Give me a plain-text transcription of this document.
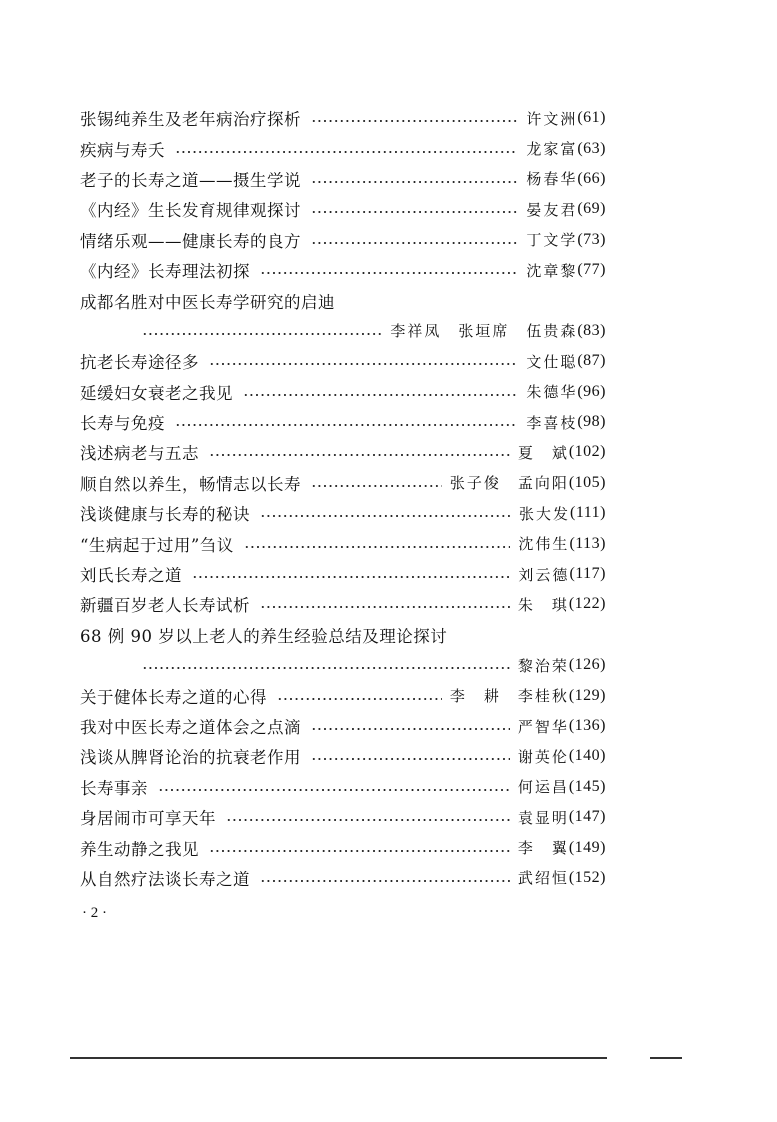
张锡纯养生及老年病治疗探析	许文洲 (61)
疾病与寿夭	龙家富 (63)
老子的长寿之道——摄生学说	杨春华 (66)
《内经》生长发育规律观探讨	晏友君 (69)
情绪乐观——健康长寿的良方	丁文学 (73)
《内经》长寿理法初探	沈章黎 (77)
成都名胜对中医长寿学研究的启迪
李祥凤　张垣席　伍贵森 (83)
抗老长寿途径多	文仕聪 (87)
延缓妇女衰老之我见	朱德华 (96)
长寿与免疫	李喜枝 (98)
浅述病老与五志	夏　斌 (102)
顺自然以养生，畅情志以长寿	张子俊　孟向阳 (105)
浅谈健康与长寿的秘诀	张大发 (111)
“生病起于过用”刍议	沈伟生 (113)
刘氏长寿之道	刘云德 (117)
新疆百岁老人长寿试析	朱　琪 (122)
68 例 90 岁以上老人的养生经验总结及理论探讨
黎治荣 (126)
关于健体长寿之道的心得	李　耕　李桂秋 (129)
我对中医长寿之道体会之点滴	严智华 (136)
浅谈从脾肾论治的抗衰老作用	谢英伦 (140)
长寿事亲	何运昌 (145)
身居闹市可享天年	袁显明 (147)
养生动静之我见	李　翼 (149)
从自然疗法谈长寿之道	武绍恒 (152)
· 2 ·
